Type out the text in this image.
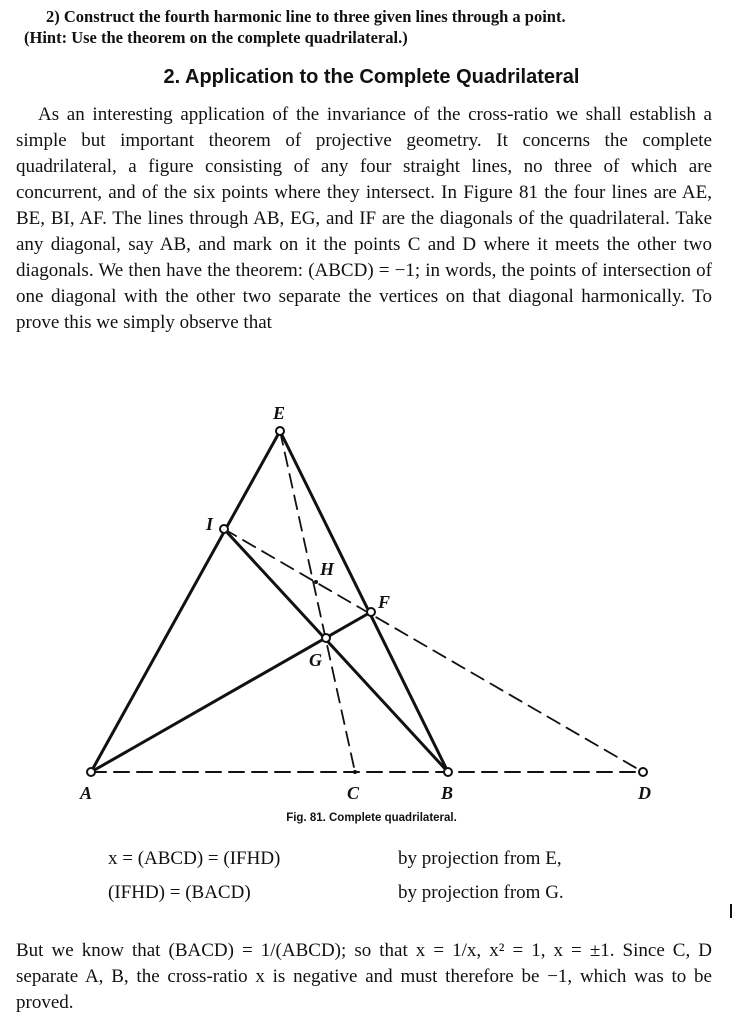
2) Construct the fourth harmonic line to three given lines through a point.

(Hint: Use the theorem on the complete quadrilateral.)

2. Application to the Complete Quadrilateral

As an interesting application of the invariance of the cross-ratio we shall establish a simple but important theorem of projective geometry. It concerns the complete quadrilateral, a figure consisting of any four straight lines, no three of which are concurrent, and of the six points where they intersect. In Figure 81 the four lines are AE, BE, BI, AF. The lines through AB, EG, and IF are the diagonals of the quadrilateral. Take any diagonal, say AB, and mark on it the points C and D where it meets the other two diagonals. We then have the theorem: (ABCD) = −1; in words, the points of intersection of one diagonal with the other two separate the vertices on that diagonal harmonically. To prove this we simply observe that

E
I
H
F
G
A	C	B	D
Fig. 81. Complete quadrilateral.
x = (ABCD) = (IFHD)	by projection from E,
(IFHD) = (BACD)	by projection from G.

But we know that (BACD) = 1/(ABCD); so that x = 1/x, x² = 1, x = ±1. Since C, D separate A, B, the cross-ratio x is negative and must therefore be −1, which was to be proved.
